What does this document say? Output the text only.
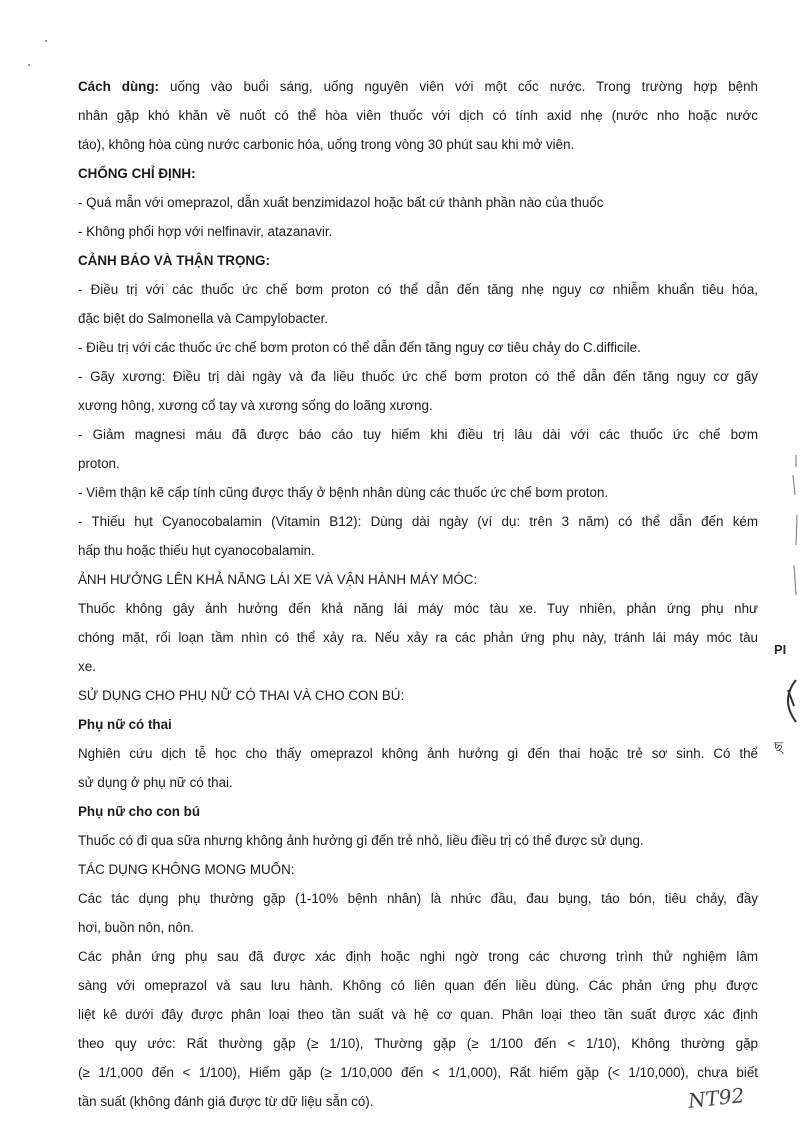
Cách dùng: uống vào buổi sáng, uống nguyên viên với một cốc nước. Trong trường hợp bệnh
nhân gặp khó khăn về nuốt có thể hòa viên thuốc với dịch có tính axid nhẹ (nước nho hoặc nước
táo), không hòa cùng nước carbonic hóa, uống trong vòng 30 phút sau khi mở viên.
CHỐNG CHỈ ĐỊNH:
- Quá mẫn với omeprazol, dẫn xuất benzimidazol hoặc bất cứ thành phần nào của thuốc
- Không phối hợp với nelfinavir, atazanavir.
CẢNH BÁO VÀ THẬN TRỌNG:
- Điều trị với các thuốc ức chế bơm proton có thể dẫn đến tăng nhẹ nguy cơ nhiễm khuẩn tiêu hóa,
đặc biệt do Salmonella và Campylobacter.
- Điều trị với các thuốc ức chế bơm proton có thể dẫn đến tăng nguy cơ tiêu chảy do C.difficile.
- Gãy xương: Điều trị dài ngày và đa liều thuốc ức chế bơm proton có thể dẫn đến tăng nguy cơ gãy
xương hông, xương cổ tay và xương sống do loãng xương.
- Giảm magnesi máu đã được báo cáo tuy hiếm khi điều trị lâu dài với các thuốc ức chế bơm
proton.
- Viêm thận kẽ cấp tính cũng được thấy ở bệnh nhân dùng các thuốc ức chế bơm proton.
- Thiếu hụt Cyanocobalamin (Vitamin B12): Dùng dài ngày (ví dụ: trên 3 năm) có thể dẫn đến kém
hấp thu hoặc thiếu hụt cyanocobalamin.
ẢNH HƯỞNG LÊN KHẢ NĂNG LÁI XE VÀ VẬN HÀNH MÁY MÓC:
Thuốc không gây ảnh hưởng đến khả năng lái máy móc tàu xe. Tuy nhiên, phản ứng phụ như
chóng mặt, rối loạn tầm nhìn có thể xảy ra. Nếu xảy ra các phản ứng phụ này, tránh lái máy móc tàu
xe.
SỬ DỤNG CHO PHỤ NỮ CÓ THAI VÀ CHO CON BÚ:
Phụ nữ có thai
Nghiên cứu dịch tễ học cho thấy omeprazol không ảnh hưởng gì đến thai hoặc trẻ sơ sinh. Có thể
sử dụng ở phụ nữ có thai.
Phụ nữ cho con bú
Thuốc có đi qua sữa nhưng không ảnh hưởng gì đến trẻ nhỏ, liều điều trị có thể được sử dụng.
TÁC DỤNG KHÔNG MONG MUỐN:
Các tác dụng phụ thường gặp (1-10% bệnh nhân) là nhức đầu, đau bụng, táo bón, tiêu chảy, đầy
hơi, buồn nôn, nôn.
Các phản ứng phụ sau đã được xác định hoặc nghi ngờ trong các chương trình thử nghiệm lâm
sàng với omeprazol và sau lưu hành. Không có liên quan đến liều dùng. Các phản ứng phụ được
liệt kê dưới đây được phân loại theo tần suất và hệ cơ quan. Phân loại theo tần suất được xác định
theo quy ước: Rất thường gặp (≥ 1/10), Thường gặp (≥ 1/100 đến < 1/10), Không thường gặp
(≥ 1/1,000 đến < 1/100), Hiếm gặp (≥ 1/10,000 đến < 1/1,000), Rất hiếm gặp (< 1/10,000), chưa biết
tần suất (không đánh giá được từ dữ liệu sẵn có).
PI
ছ
NT92
